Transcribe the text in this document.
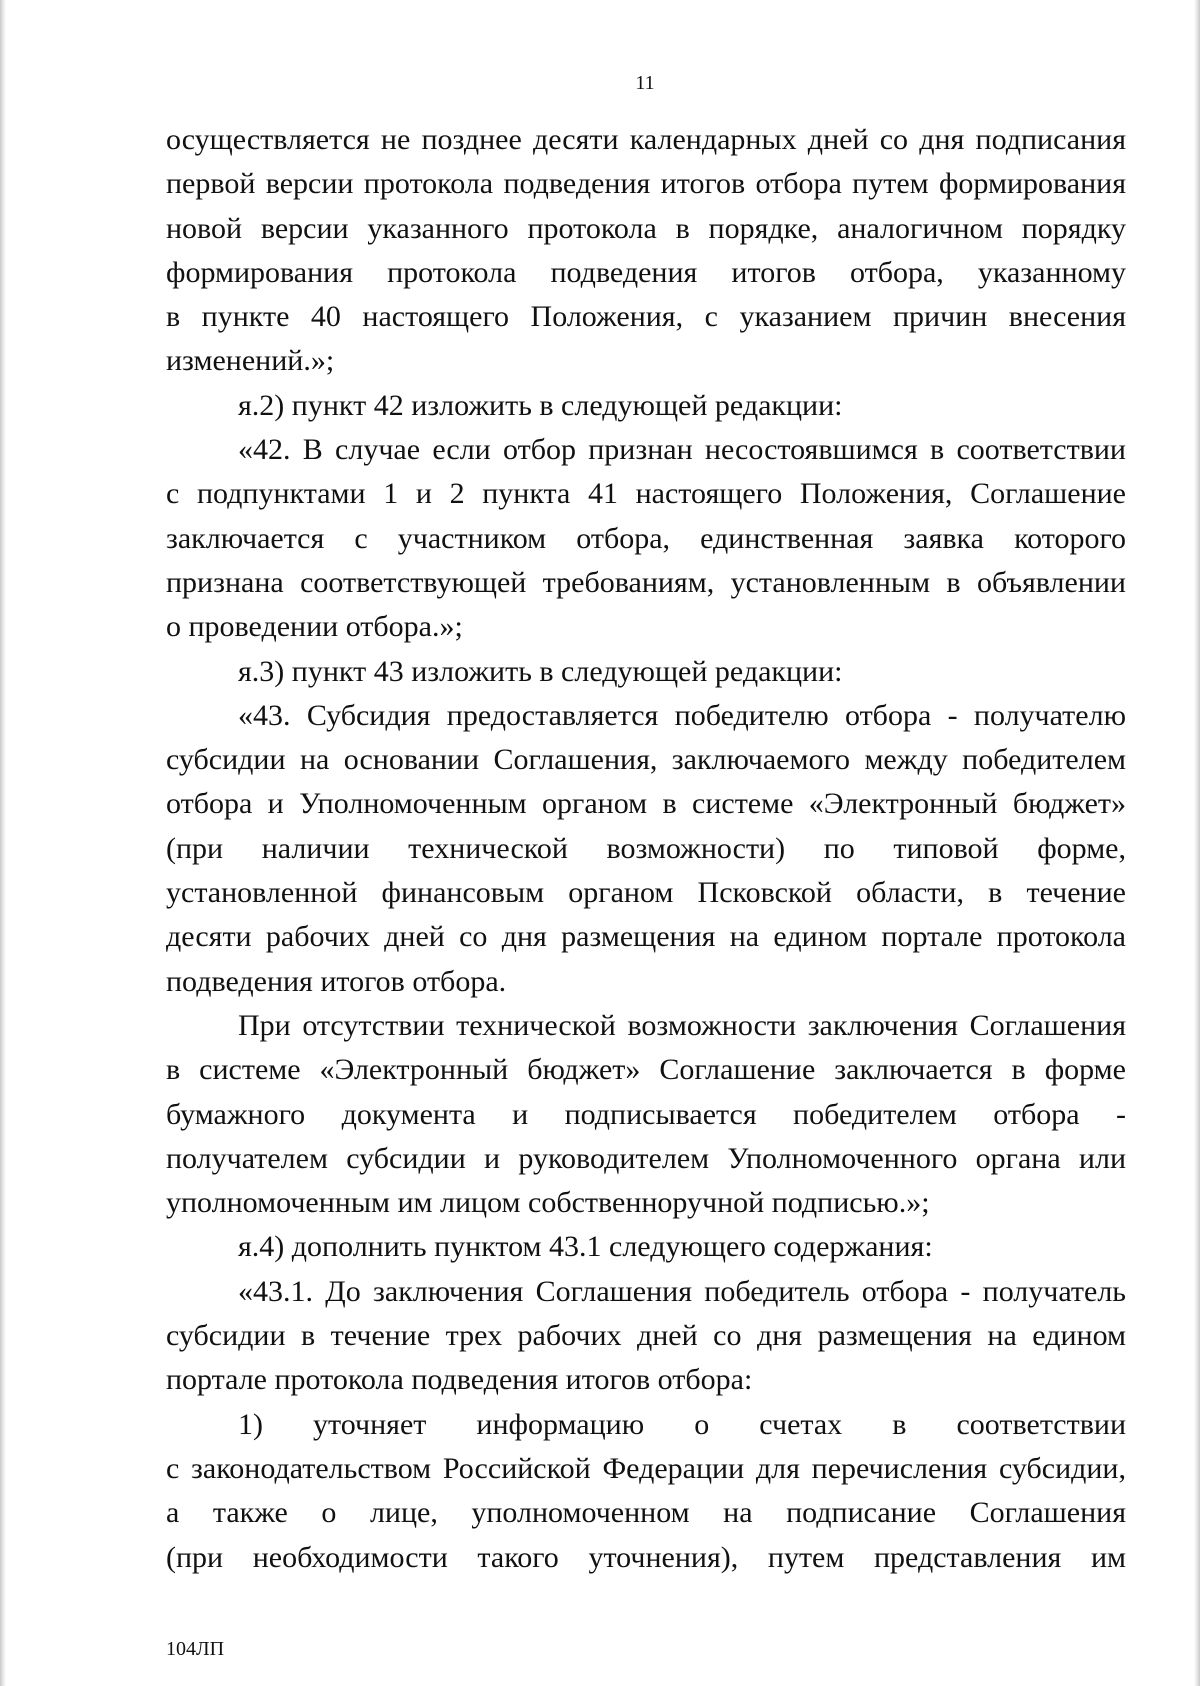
11

осуществляется не позднее десяти календарных дней со дня подписания
первой версии протокола подведения итогов отбора путем формирования
новой версии указанного протокола в порядке, аналогичном порядку
формирования протокола подведения итогов отбора, указанному
в пункте 40 настоящего Положения, с указанием причин внесения
изменений.»;

я.2) пункт 42 изложить в следующей редакции:

«42. В случае если отбор признан несостоявшимся в соответствии
с подпунктами 1 и 2 пункта 41 настоящего Положения, Соглашение
заключается с участником отбора, единственная заявка которого
признана соответствующей требованиям, установленным в объявлении
о проведении отбора.»;

я.3) пункт 43 изложить в следующей редакции:

«43. Субсидия предоставляется победителю отбора - получателю
субсидии на основании Соглашения, заключаемого между победителем
отбора и Уполномоченным органом в системе «Электронный бюджет»
(при наличии технической возможности) по типовой форме,
установленной финансовым органом Псковской области, в течение
десяти рабочих дней со дня размещения на едином портале протокола
подведения итогов отбора.

При отсутствии технической возможности заключения Соглашения
в системе «Электронный бюджет» Соглашение заключается в форме
бумажного документа и подписывается победителем отбора -
получателем субсидии и руководителем Уполномоченного органа или
уполномоченным им лицом собственноручной подписью.»;

я.4) дополнить пунктом 43.1 следующего содержания:

«43.1. До заключения Соглашения победитель отбора - получатель
субсидии в течение трех рабочих дней со дня размещения на едином
портале протокола подведения итогов отбора:

1) уточняет информацию о счетах в соответствии
с законодательством Российской Федерации для перечисления субсидии,
а также о лице, уполномоченном на подписание Соглашения
(при необходимости такого уточнения), путем представления им

104ЛП
